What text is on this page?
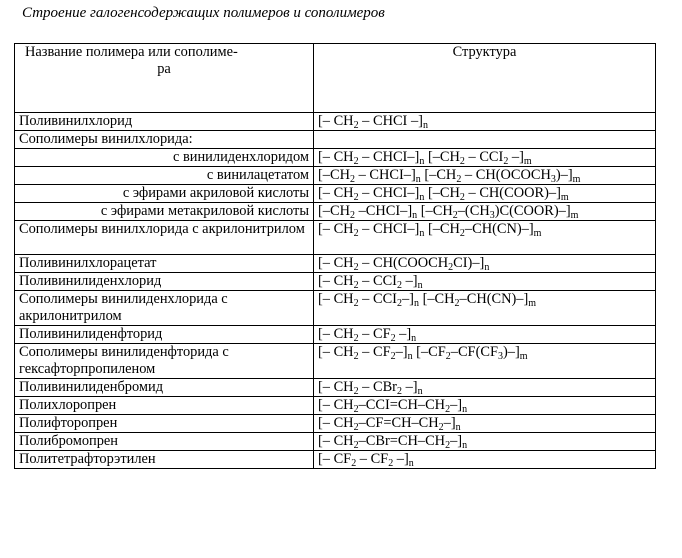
Строение галогенсодержащих полимеров и сополимеров
Название полимера или сополиме-
ра	Структура
Поливинилхлорид	[– $CH_2$ – CHCI $-]_n$
Сополимеры винилхлорида:	
с винилиденхлоридом	[– $CH_2$ – CHCI–]$_n$ [$-CH_2 - CCI_2$ $-]_m$
с винилацетатом	[$-CH_2$ – CHCI–]$_n$ [$-CH_2$ – $CH(OCOCH_3)-]_m$
с эфирами акриловой кислоты	[– $CH_2$ – CHCI–]$_n$ [$-CH_2$ – $CH(COOR)-]_m$
с эфирами метакриловой кислоты	[$-CH_2$ $-CHCI-]_n$ $[-CH_2-(CH_3)C(COOR)-]_m$
Сополимеры винилхлорида с акрилонитрилом	[– $CH_2$ – CHCI–]$_n$ $[-CH_2-CH(CN)-]_m$
Поливинилхлорацетат	[– $CH_2$ – $CH(COOCH_2CI)-]_n$
Поливинилиденхлорид	[– $CH_2 - CCI_2$ $-]_n$
Сополимеры винилиденхлорида с акрилонитрилом	[– $CH_2 - CCI_2-]_n$ $[-CH_2-CH(CN)-]_m$
Поливинилиденфторид	[– $CH_2 - CF_2$ $-]_n$
Сополимеры винилиденфторида с гексафторпропиленом	[– $CH_2 - CF_2-]_n$ $[-CF_2-CF(CF_3)-]_m$
Поливинилиденбромид	[– $CH_2 - CBr_2$ $-]_n$
Полихлоропрен	[– $CH_2-CCI=CH-CH_2-]_n$
Полифторопрен	[– $CH_2-CF=CH-CH_2-]_n$
Полибромопрен	[– $CH_2-CBr=CH-CH_2-]_n$
Политетрафторэтилен	[– $CF_2 - CF_2$ $-]_n$
